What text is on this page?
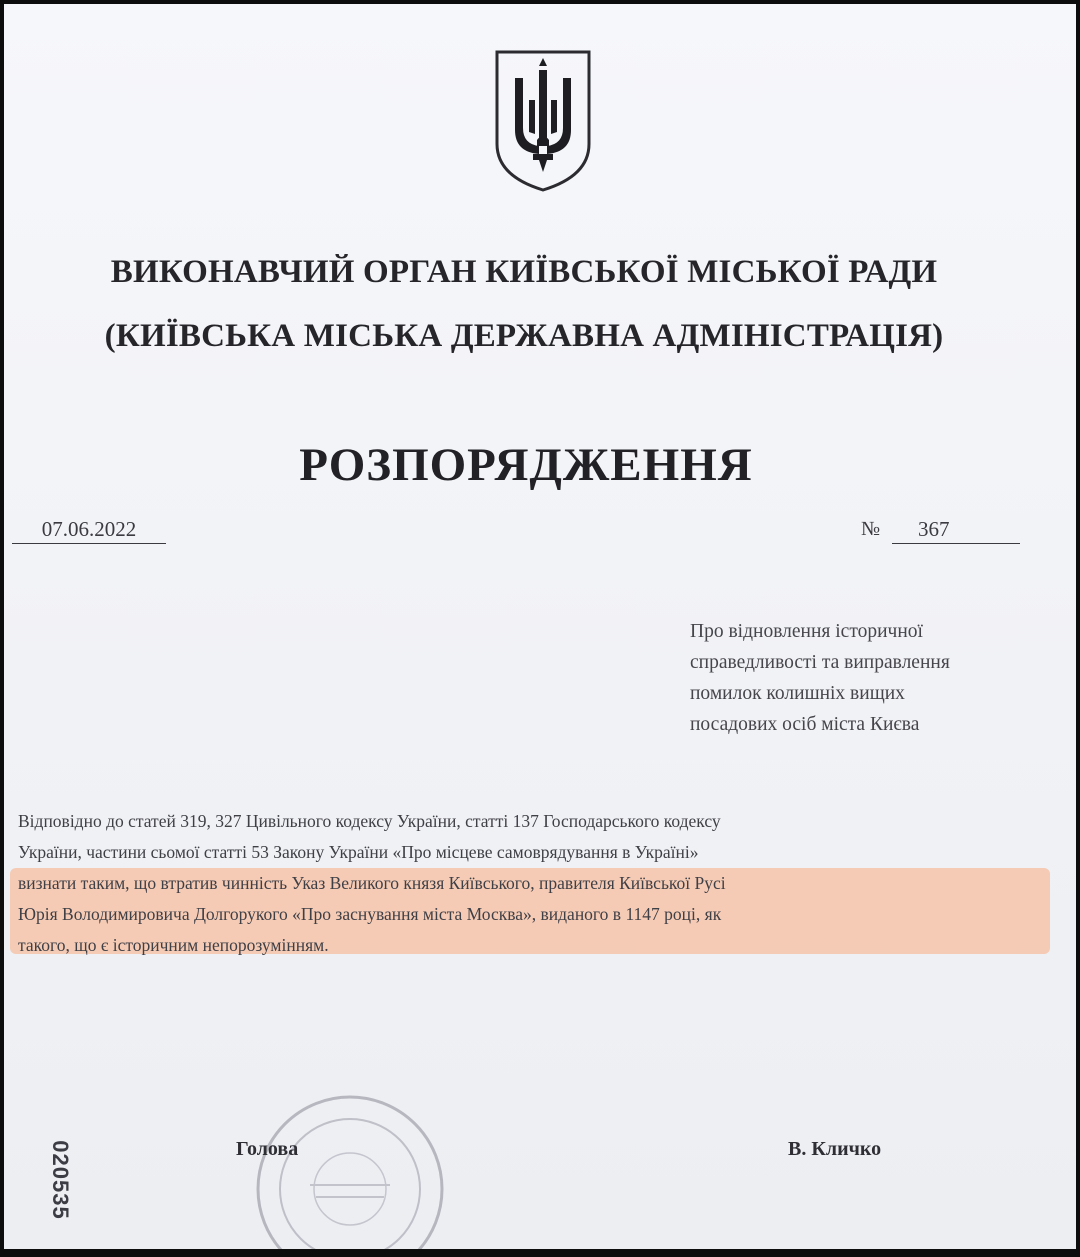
ВИКОНАВЧИЙ ОРГАН КИЇВСЬКОЇ МІСЬКОЇ РАДИ
(КИЇВСЬКА МІСЬКА ДЕРЖАВНА АДМІНІСТРАЦІЯ)
РОЗПОРЯДЖЕННЯ
07.06.2022	№	367
Про відновлення історичної
справедливості та виправлення
помилок колишніх вищих
посадових осіб міста Києва
Відповідно до статей 319, 327 Цивільного кодексу України, статті 137 Господарського кодексу
України, частини сьомої статті 53 Закону України «Про місцеве самоврядування в Україні»
визнати таким, що втратив чинність Указ Великого князя Київського, правителя Київської Русі
Юрія Володимировича Долгорукого «Про заснування міста Москва», виданого в 1147 році, як
такого, що є історичним непорозумінням.
Голова	В. Кличко
020535
